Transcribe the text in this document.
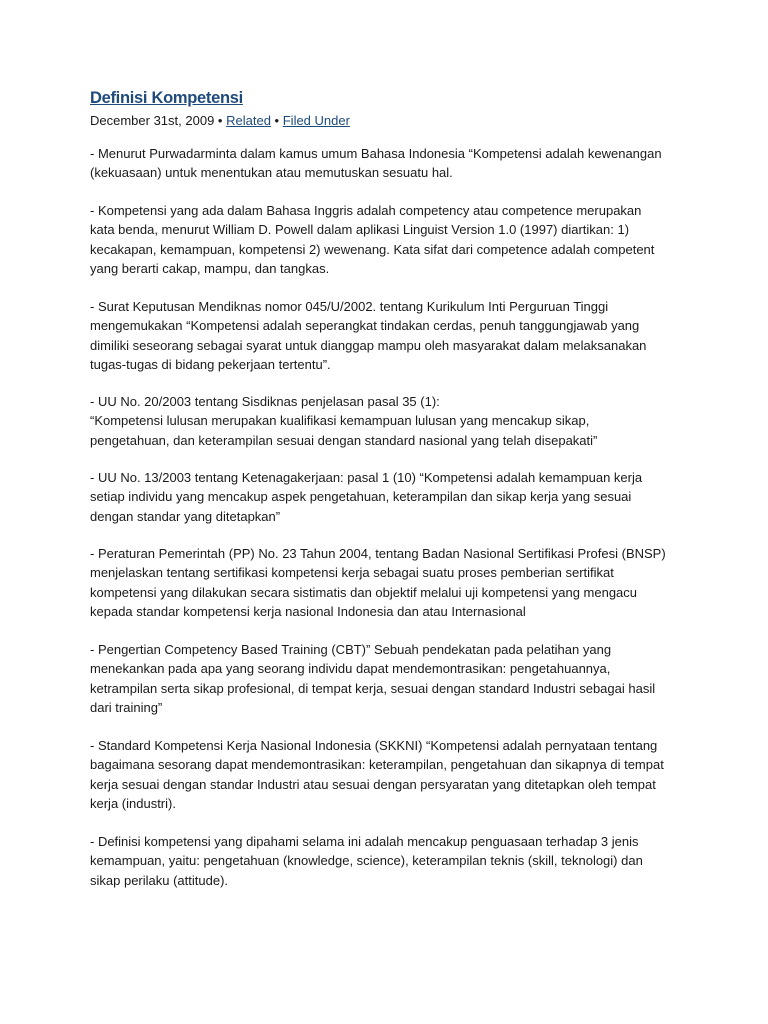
Definisi Kompetensi
December 31st, 2009 • Related • Filed Under

- Menurut Purwadarminta dalam kamus umum Bahasa Indonesia “Kompetensi adalah kewenangan
(kekuasaan) untuk menentukan atau memutuskan sesuatu hal.

- Kompetensi yang ada dalam Bahasa Inggris adalah competency atau competence merupakan
kata benda, menurut William D. Powell dalam aplikasi Linguist Version 1.0 (1997) diartikan: 1)
kecakapan, kemampuan, kompetensi 2) wewenang. Kata sifat dari competence adalah competent
yang berarti cakap, mampu, dan tangkas.

- Surat Keputusan Mendiknas nomor 045/U/2002. tentang Kurikulum Inti Perguruan Tinggi
mengemukakan “Kompetensi adalah seperangkat tindakan cerdas, penuh tanggungjawab yang
dimiliki seseorang sebagai syarat untuk dianggap mampu oleh masyarakat dalam melaksanakan
tugas-tugas di bidang pekerjaan tertentu”.

- UU No. 20/2003 tentang Sisdiknas penjelasan pasal 35 (1):
“Kompetensi lulusan merupakan kualifikasi kemampuan lulusan yang mencakup sikap,
pengetahuan, dan keterampilan sesuai dengan standard nasional yang telah disepakati”

- UU No. 13/2003 tentang Ketenagakerjaan: pasal 1 (10) “Kompetensi adalah kemampuan kerja
setiap individu yang mencakup aspek pengetahuan, keterampilan dan sikap kerja yang sesuai
dengan standar yang ditetapkan”

- Peraturan Pemerintah (PP) No. 23 Tahun 2004, tentang Badan Nasional Sertifikasi Profesi (BNSP)
menjelaskan tentang sertifikasi kompetensi kerja sebagai suatu proses pemberian sertifikat
kompetensi yang dilakukan secara sistimatis dan objektif melalui uji kompetensi yang mengacu
kepada standar kompetensi kerja nasional Indonesia dan atau Internasional

- Pengertian Competency Based Training (CBT)” Sebuah pendekatan pada pelatihan yang
menekankan pada apa yang seorang individu dapat mendemontrasikan: pengetahuannya,
ketrampilan serta sikap profesional, di tempat kerja, sesuai dengan standard Industri sebagai hasil
dari training”

- Standard Kompetensi Kerja Nasional Indonesia (SKKNI) “Kompetensi adalah pernyataan tentang
bagaimana sesorang dapat mendemontrasikan: keterampilan, pengetahuan dan sikapnya di tempat
kerja sesuai dengan standar Industri atau sesuai dengan persyaratan yang ditetapkan oleh tempat
kerja (industri).

- Definisi kompetensi yang dipahami selama ini adalah mencakup penguasaan terhadap 3 jenis
kemampuan, yaitu: pengetahuan (knowledge, science), keterampilan teknis (skill, teknologi) dan
sikap perilaku (attitude).
